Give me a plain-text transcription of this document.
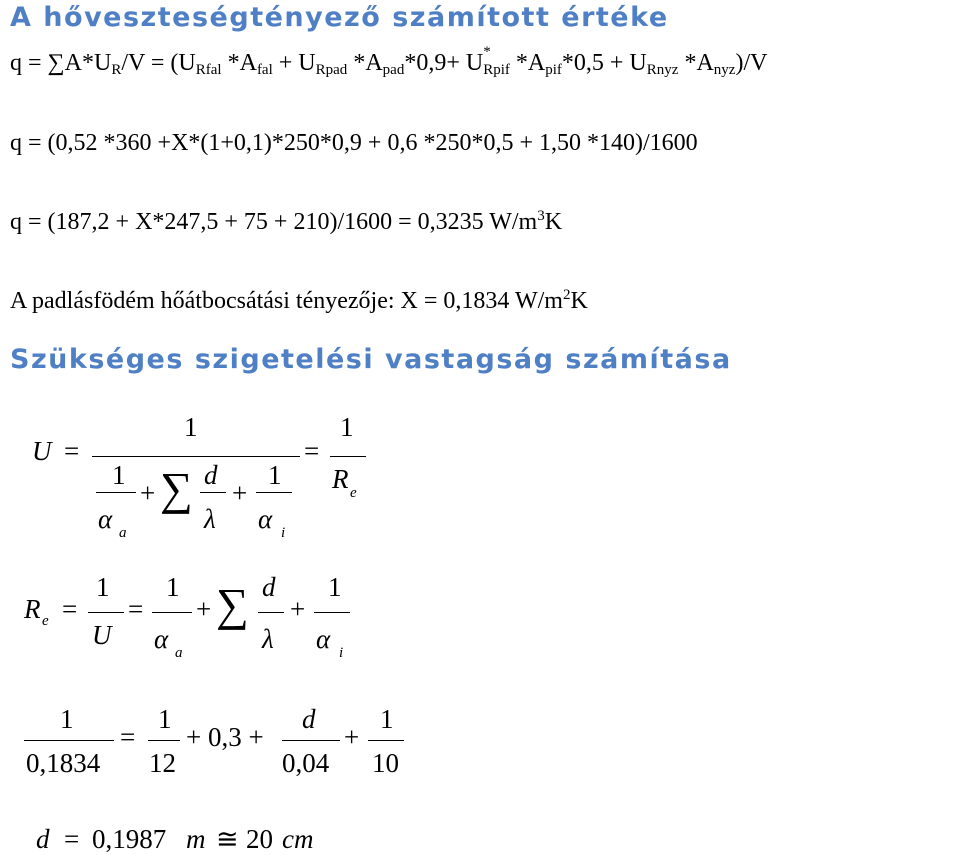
A hőveszteségtényező számított értéke
$q = \sum A*U_R/V = (U_{Rfal}$ $*A_{fal} + U_{Rpad}$ $*A_{pad}*0,9+ U$ *
$_{Rpif}$ $*A_{pif}*0,5 + U_{Rnyz}$ $*A_{nyz})/V$
q = (0,52 *360 +X*(1+0,1)*250*0,9 + 0,6 *250*0,5 + 1,50 *140)/1600
q = (187,2 + X*247,5 + 75 + 210)/1600 = 0,3235 $W/m^3K$
A padlásfödém hőátbocsátási tényezője: X = 0,1834 $W/m^2K$
Szükséges szigetelési vastagság számítása
U =
1
1
α a
+ ∑ d
λ
+
1
α i
=
1
R e
R e =
1
U
=
1
α a
+ ∑ d
λ
+
1
α i
1
0,1834
=
1
12
+ 0,3 +
d
0,04
+
1
10
d = 0,1987 m ≅ 20 cm
